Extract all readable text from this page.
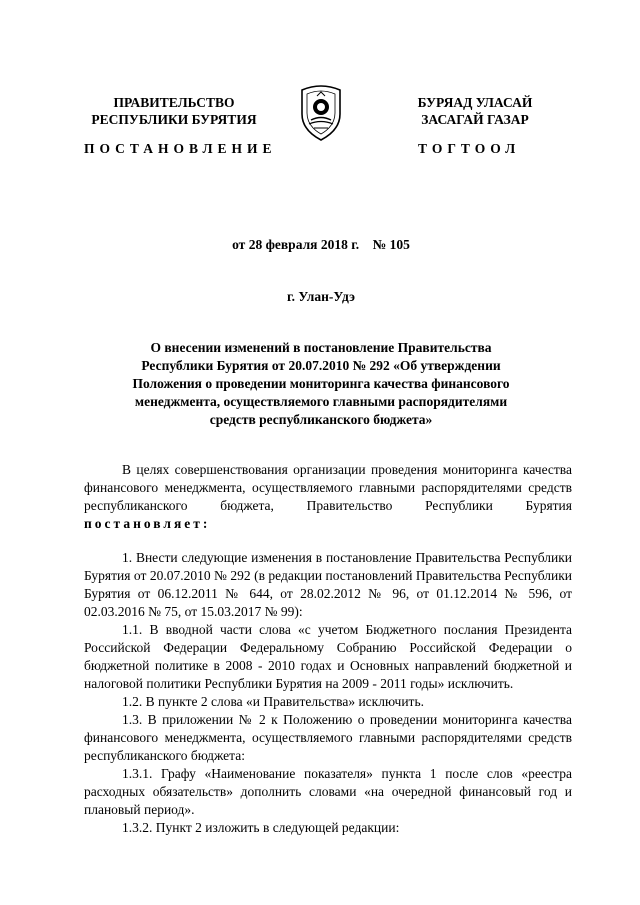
ПРАВИТЕЛЬСТВО
РЕСПУБЛИКИ БУРЯТИЯ
БУРЯАД УЛАСАЙ
ЗАСАГАЙ ГАЗАР
ПОСТАНОВЛЕНИЕ	ТОГТООЛ
от 28 февраля 2018 г.    № 105
г. Улан-Удэ
О внесении изменений в постановление Правительства
Республики Бурятия от 20.07.2010 № 292 «Об утверждении
Положения о проведении мониторинга качества финансового
менеджмента, осуществляемого главными распорядителями
средств республиканского бюджета»

В целях совершенствования организации проведения мониторинга качества финансового менеджмента, осуществляемого главными распорядителями средств республиканского бюджета, Правительство Республики Бурятия постановляет:

1. Внести следующие изменения в постановление Правительства Республики Бурятия от 20.07.2010 № 292 (в редакции постановлений Правительства Республики Бурятия от 06.12.2011 № 644, от 28.02.2012 № 96, от 01.12.2014 № 596, от 02.03.2016 № 75, от 15.03.2017 № 99):

1.1. В вводной части слова «с учетом Бюджетного послания Президента Российской Федерации Федеральному Собранию Российской Федерации о бюджетной политике в 2008 - 2010 годах и Основных направлений бюджетной и налоговой политики Республики Бурятия на 2009 - 2011 годы» исключить.

1.2. В пункте 2 слова «и Правительства» исключить.

1.3. В приложении № 2 к Положению о проведении мониторинга качества финансового менеджмента, осуществляемого главными распорядителями средств республиканского бюджета:

1.3.1. Графу «Наименование показателя» пункта 1 после слов «реестра расходных обязательств» дополнить словами «на очередной финансовый год и плановый период».

1.3.2. Пункт 2 изложить в следующей редакции:
